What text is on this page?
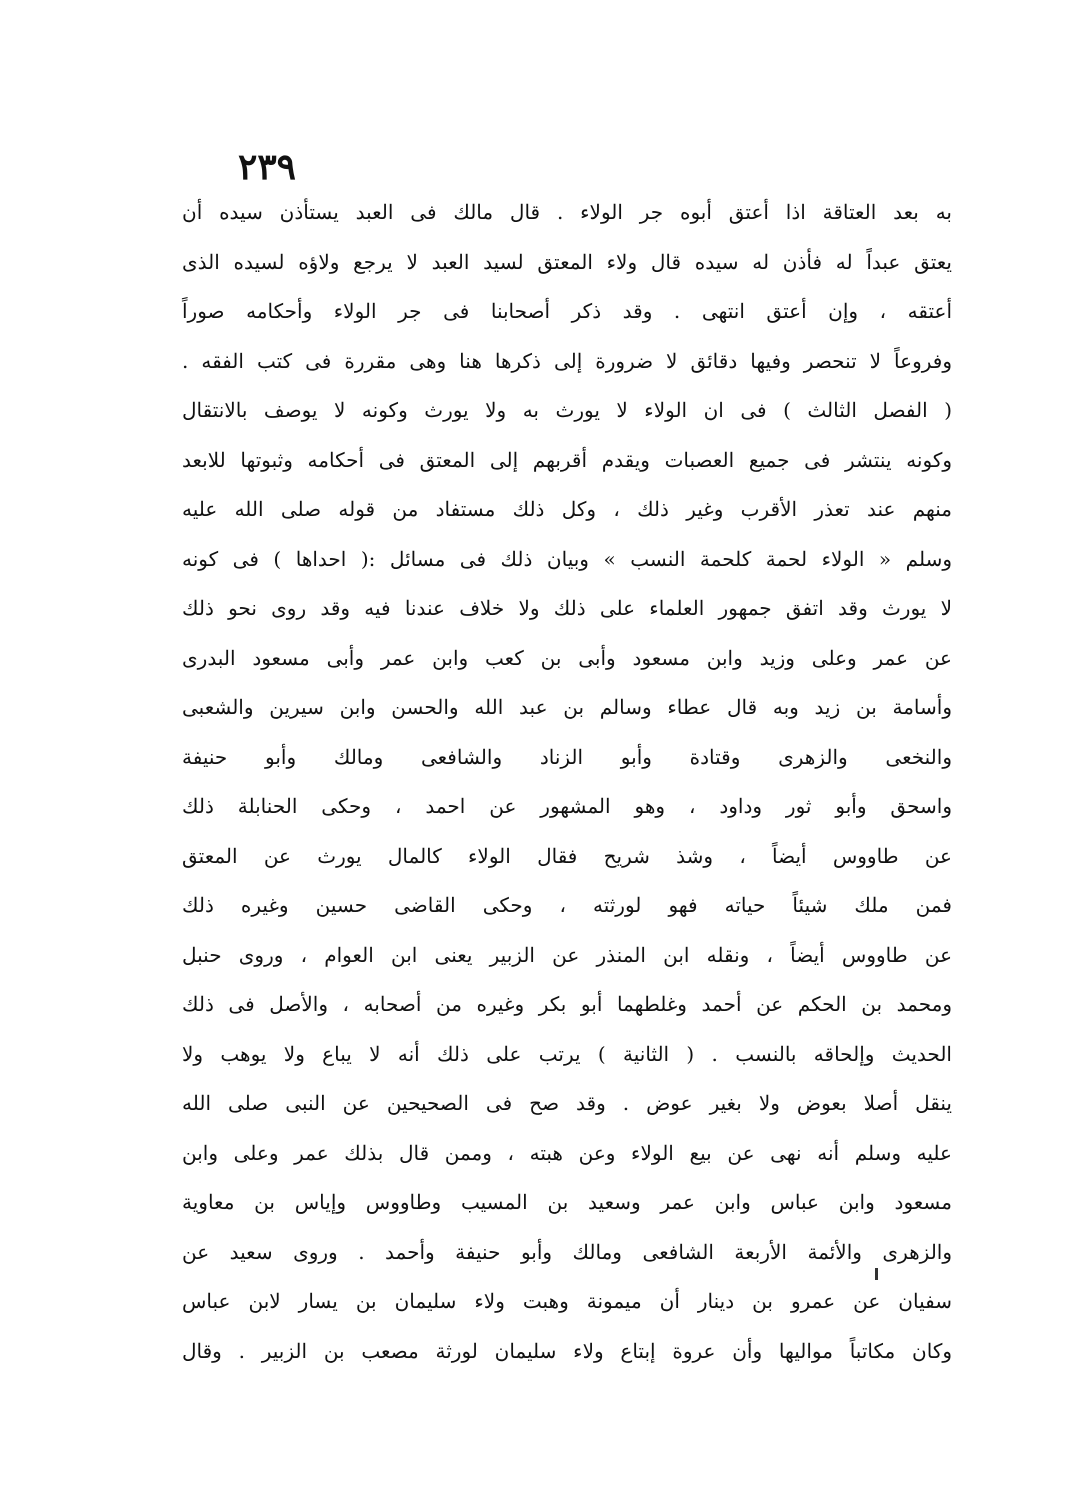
٢٣٩
به بعد العتاقة اذا أعتق أبوه جر الولاء . قال مالك فى العبد يستأذن سيده أن
يعتق عبداً له فأذن له سيده قال ولاء المعتق لسيد العبد لا يرجع ولاؤه لسيده الذى
أعتقه ، وإن أعتق انتهى . وقد ذكر أصحابنا فى جر الولاء وأحكامه صوراً
وفروعاً لا تنحصر وفيها دقائق لا ضرورة إلى ذكرها هنا وهى مقررة فى كتب الفقه .
( الفصل الثالث ) فى ان الولاء لا يورث به ولا يورث وكونه لا يوصف بالانتقال
وكونه ينتشر فى جميع العصبات ويقدم أقربهم إلى المعتق فى أحكامه وثبوتها للابعد
منهم عند تعذر الأقرب وغير ذلك ، وكل ذلك مستفاد من قوله صلى الله عليه
وسلم « الولاء لحمة كلحمة النسب » وبيان ذلك فى مسائل :( احداها ) فى كونه
لا يورث وقد اتفق جمهور العلماء على ذلك ولا خلاف عندنا فيه وقد روى نحو ذلك
عن عمر وعلى وزيد وابن مسعود وأبى بن كعب وابن عمر وأبى مسعود البدرى
وأسامة بن زيد وبه قال عطاء وسالم بن عبد الله والحسن وابن سيرين والشعبى
والنخعى والزهرى وقتادة وأبو الزناد والشافعى ومالك وأبو حنيفة
واسحق وأبو ثور وداود ، وهو المشهور عن احمد ، وحكى الحنابلة ذلك
عن طاووس أيضاً ، وشذ شريح فقال الولاء كالمال يورث عن المعتق
فمن ملك شيئاً حياته فهو لورثته ، وحكى القاضى حسين وغيره ذلك
عن طاووس أيضاً ، ونقله ابن المنذر عن الزبير يعنى ابن العوام ، وروى حنبل
ومحمد بن الحكم عن أحمد وغلطهما أبو بكر وغيره من أصحابه ، والأصل فى ذلك
الحديث وإلحاقه بالنسب . ( الثانية ) يرتب على ذلك أنه لا يباع ولا يوهب ولا
ينقل أصلا بعوض ولا بغير عوض . وقد صح فى الصحيحين عن النبى صلى الله
عليه وسلم أنه نهى عن بيع الولاء وعن هبته ، وممن قال بذلك عمر وعلى وابن
مسعود وابن عباس وابن عمر وسعيد بن المسيب وطاووس وإياس بن معاوية
والزهرى والأئمة الأربعة الشافعى ومالك وأبو حنيفة وأحمد . وروى سعيد عن
سفيان عن عمرو بن دينار أن ميمونة وهبت ولاء سليمان بن يسار لابن عباس
وكان مكاتباً مواليها وأن عروة إبتاع ولاء سليمان لورثة مصعب بن الزبير . وقال
